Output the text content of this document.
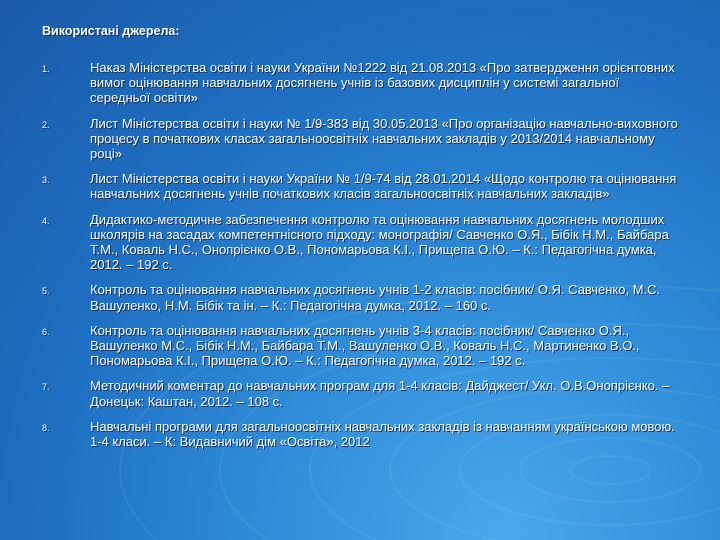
Використані джерела:
1.	Наказ Міністерства освіти і науки України №1222 від 21.08.2013 «Про затвердження орієнтовних вимог оцінювання навчальних досягнень учнів із базових дисциплін у системі загальної середньої освіти»
2.	Лист Міністерства освіти і науки № 1/9-383 від 30.05.2013 «Про організацію навчально-виховного процесу в початкових класах загальноосвітніх навчальних закладів у 2013/2014 навчальному році»
3.	Лист Міністерства освіти і науки України № 1/9-74 від 28.01.2014 «Щодо контролю та оцінювання навчальних досягнень учнів початкових класів загальноосвітніх навчальних закладів»
4.	Дидактико-методичне забезпечення контролю та оцінювання навчальних досягнень молодших школярів на засадах компетентнісного підходу: монографія/ Савченко О.Я., Бібік Н.М., Байбара Т.М., Коваль Н.С., Онопрієнко О.В., Пономарьова К.І., Прищепа О.Ю. – К.: Педагогічна думка, 2012. – 192 с.
5.	Контроль та оцінювання навчальних досягнень учнів 1-2 класів: посібник/ О.Я. Савченко, М.С. Вашуленко, Н.М. Бібік та ін. – К.: Педагогічна думка, 2012. – 160 с.
6.	Контроль та оцінювання навчальних досягнень учнів 3-4 класів: посібник/ Савченко О.Я., Вашуленко М.С., Бібік Н.М., Байбара Т.М., Вашуленко О.В., Коваль Н.С., Мартиненко В.О., Пономарьова К.І., Прищепа О.Ю. – К.: Педагогічна думка, 2012. – 192 с.
7.	Методичний коментар до навчальних програм для 1-4 класів: Дайджест/ Укл. О.В.Онопрієнко. – Донецьк: Каштан, 2012. – 108 с.
8.	Навчальні програми для загальноосвітніх навчальних закладів із навчанням українською мовою. 1-4 класи. – К: Видавничий дім «Освіта», 2012
